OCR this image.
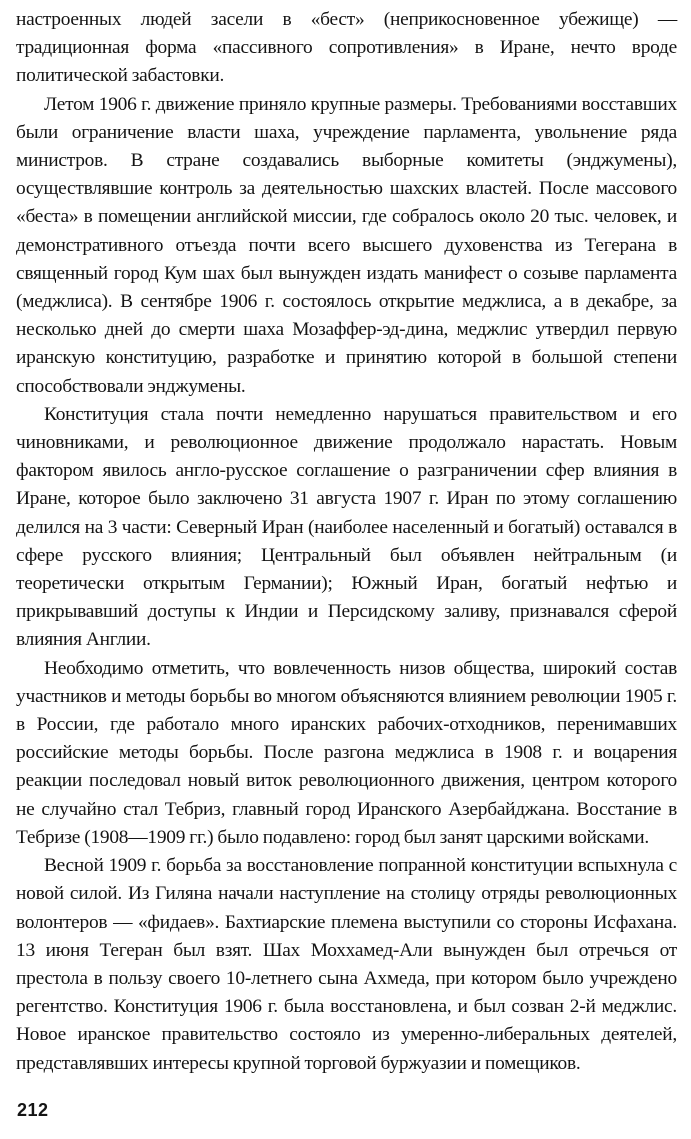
настроенных людей засели в «бест» (неприкосновенное убежище) — традиционная форма «пассивного сопротивления» в Иране, нечто вроде политической забастовки.

Летом 1906 г. движение приняло крупные размеры. Требованиями восставших были ограничение власти шаха, учреждение парламента, увольнение ряда министров. В стране создавались выборные комитеты (энджумены), осуществлявшие контроль за деятельностью шахских властей. После массового «беста» в помещении английской миссии, где собралось около 20 тыс. человек, и демонстративного отъезда почти всего высшего духовенства из Тегерана в священный город Кум шах был вынужден издать манифест о созыве парламента (меджлиса). В сентябре 1906 г. состоялось открытие меджлиса, а в декабре, за несколько дней до смерти шаха Мозаффер-эд-дина, меджлис утвердил первую иранскую конституцию, разработке и принятию которой в большой степени способствовали энджумены.

Конституция стала почти немедленно нарушаться правительством и его чиновниками, и революционное движение продолжало нарастать. Новым фактором явилось англо-русское соглашение о разграничении сфер влияния в Иране, которое было заключено 31 августа 1907 г. Иран по этому соглашению делился на 3 части: Северный Иран (наиболее населенный и богатый) оставался в сфере русского влияния; Центральный был объявлен нейтральным (и теоретически открытым Германии); Южный Иран, богатый нефтью и прикрывавший доступы к Индии и Персидскому заливу, признавался сферой влияния Англии.

Необходимо отметить, что вовлеченность низов общества, широкий состав участников и методы борьбы во многом объясняются влиянием революции 1905 г. в России, где работало много иранских рабочих-отходников, перенимавших российские методы борьбы. После разгона меджлиса в 1908 г. и воцарения реакции последовал новый виток революционного движения, центром которого не случайно стал Тебриз, главный город Иранского Азербайджана. Восстание в Тебризе (1908—1909 гг.) было подавлено: город был занят царскими войсками.

Весной 1909 г. борьба за восстановление попранной конституции вспыхнула с новой силой. Из Гиляна начали наступление на столицу отряды революционных волонтеров — «фидаев». Бахтиарские племена выступили со стороны Исфахана. 13 июня Тегеран был взят. Шах Моххамед-Али вынужден был отречься от престола в пользу своего 10-летнего сына Ахмеда, при котором было учреждено регентство. Конституция 1906 г. была восстановлена, и был созван 2-й меджлис. Новое иранское правительство состояло из умеренно-либеральных деятелей, представлявших интересы крупной торговой буржуазии и помещиков.

212
